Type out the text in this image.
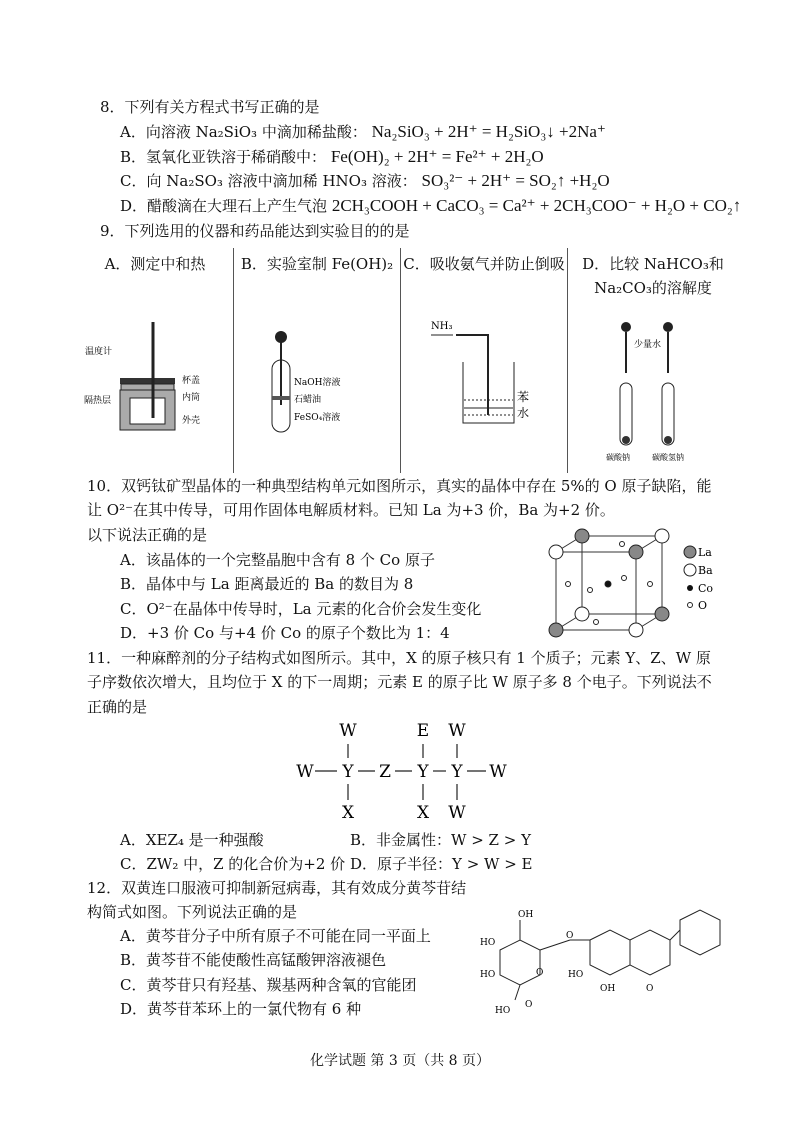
8．下列有关方程式书写正确的是
A．向溶液 Na₂SiO₃ 中滴加稀盐酸： Na₂SiO₃ + 2H⁺ = H₂SiO₃↓ +2Na⁺
B．氢氧化亚铁溶于稀硝酸中： Fe(OH)₂ + 2H⁺ = Fe²⁺ + 2H₂O
C．向 Na₂SO₃ 溶液中滴加稀 HNO₃ 溶液： SO₃²⁻ + 2H⁺ = SO₂↑ +H₂O
D．醋酸滴在大理石上产生气泡 2CH₃COOH + CaCO₃ = Ca²⁺ + 2CH₃COO⁻ + H₂O + CO₂↑
9．下列选用的仪器和药品能达到实验目的的是
A．测定中和热
温度计
杯盖
隔热层	内筒
外壳
B．实验室制 Fe(OH)₂
NaOH溶液
石蜡油
FeSO₄溶液
C．吸收氨气并防止倒吸
NH₃
苯
水
D．比较 NaHCO₃和 Na₂CO₃的溶解度
少量水
碳酸钠	碳酸氢钠
10．双钙钛矿型晶体的一种典型结构单元如图所示，真实的晶体中存在 5%的 O 原子缺陷，能
让 O²⁻在其中传导，可用作固体电解质材料。已知 La 为+3 价，Ba 为+2 价。
以下说法正确的是
A．该晶体的一个完整晶胞中含有 8 个 Co 原子
B．晶体中与 La 距离最近的 Ba 的数目为 8
C．O²⁻在晶体中传导时，La 元素的化合价会发生变化
D．+3 价 Co 与+4 价 Co 的原子个数比为 1：4
La
Ba
Co
O
11．一种麻醉剂的分子结构式如图所示。其中，X 的原子核只有 1 个质子；元素 Y、Z、W 原
子序数依次增大，且均位于 X 的下一周期；元素 E 的原子比 W 原子多 8 个电子。下列说法不
正确的是
W	E W
W Y Z Y Y W
X	X W
A．XEZ₄ 是一种强酸	B．非金属性：W > Z > Y
C．ZW₂ 中，Z 的化合价为+2 价 D．原子半径：Y > W > E
12．双黄连口服液可抑制新冠病毒，其有效成分黄芩苷结
构简式如图。下列说法正确的是
A．黄芩苷分子中所有原子不可能在同一平面上
B．黄芩苷不能使酸性高锰酸钾溶液褪色
C．黄芩苷只有羟基、羰基两种含氧的官能团
D．黄芩苷苯环上的一氯代物有 6 种
OH
HO
O
HO	O	HO
OH	O
HO
O
化学试题 第 3 页（共 8 页）
